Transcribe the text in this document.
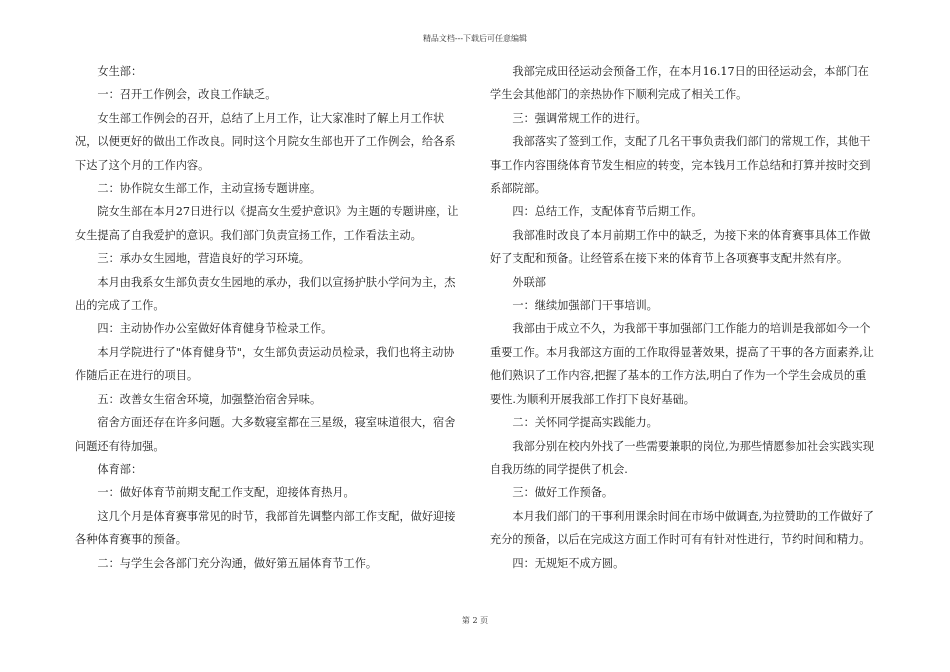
精品文档---下载后可任意编辑

女生部：

一：召开工作例会，改良工作缺乏。

女生部工作例会的召开，总结了上月工作，让大家准时了解上月工作状况，以便更好的做出工作改良。同时这个月院女生部也开了工作例会，给各系下达了这个月的工作内容。

二：协作院女生部工作，主动宣扬专题讲座。

院女生部在本月27日进行以《提高女生爱护意识》为主题的专题讲座，让女生提高了自我爱护的意识。我们部门负责宣扬工作，工作看法主动。

三：承办女生园地，营造良好的学习环境。

本月由我系女生部负责女生园地的承办，我们以宣扬护肤小学问为主，杰出的完成了工作。

四：主动协作办公室做好体育健身节检录工作。

本月学院进行了"体育健身节"，女生部负责运动员检录，我们也将主动协作随后正在进行的项目。

五：改善女生宿舍环境，加强整治宿舍异味。

宿舍方面还存在许多问题。大多数寝室都在三星级，寝室味道很大，宿舍问题还有待加强。

体育部：

一：做好体育节前期支配工作支配，迎接体育热月。

这几个月是体育赛事常见的时节，我部首先调整内部工作支配，做好迎接各种体育赛事的预备。

二：与学生会各部门充分沟通，做好第五届体育节工作。

我部完成田径运动会预备工作，在本月16.17日的田径运动会，本部门在学生会其他部门的亲热协作下顺利完成了相关工作。

三：强调常规工作的进行。

我部落实了签到工作，支配了几名干事负责我们部门的常规工作，其他干事工作内容围绕体育节发生相应的转变，完本钱月工作总结和打算并按时交到系部院部。

四：总结工作，支配体育节后期工作。

我部准时改良了本月前期工作中的缺乏，为接下来的体育赛事具体工作做好了支配和预备。让经管系在接下来的体育节上各项赛事支配井然有序。

外联部

一：继续加强部门干事培训。

我部由于成立不久，为我部干事加强部门工作能力的培训是我部如今一个重要工作。本月我部这方面的工作取得显著效果，提高了干事的各方面素养,让他们熟识了工作内容,把握了基本的工作方法,明白了作为一个学生会成员的重要性.为顺利开展我部工作打下良好基础。

二：关怀同学提高实践能力。

我部分别在校内外找了一些需要兼职的岗位,为那些情愿参加社会实践实现自我历练的同学提供了机会.

三：做好工作预备。

本月我们部门的干事利用课余时间在市场中做调查,为拉赞助的工作做好了充分的预备，以后在完成这方面工作时可有有针对性进行，节约时间和精力。

四：无规矩不成方圆。

第 2 页
